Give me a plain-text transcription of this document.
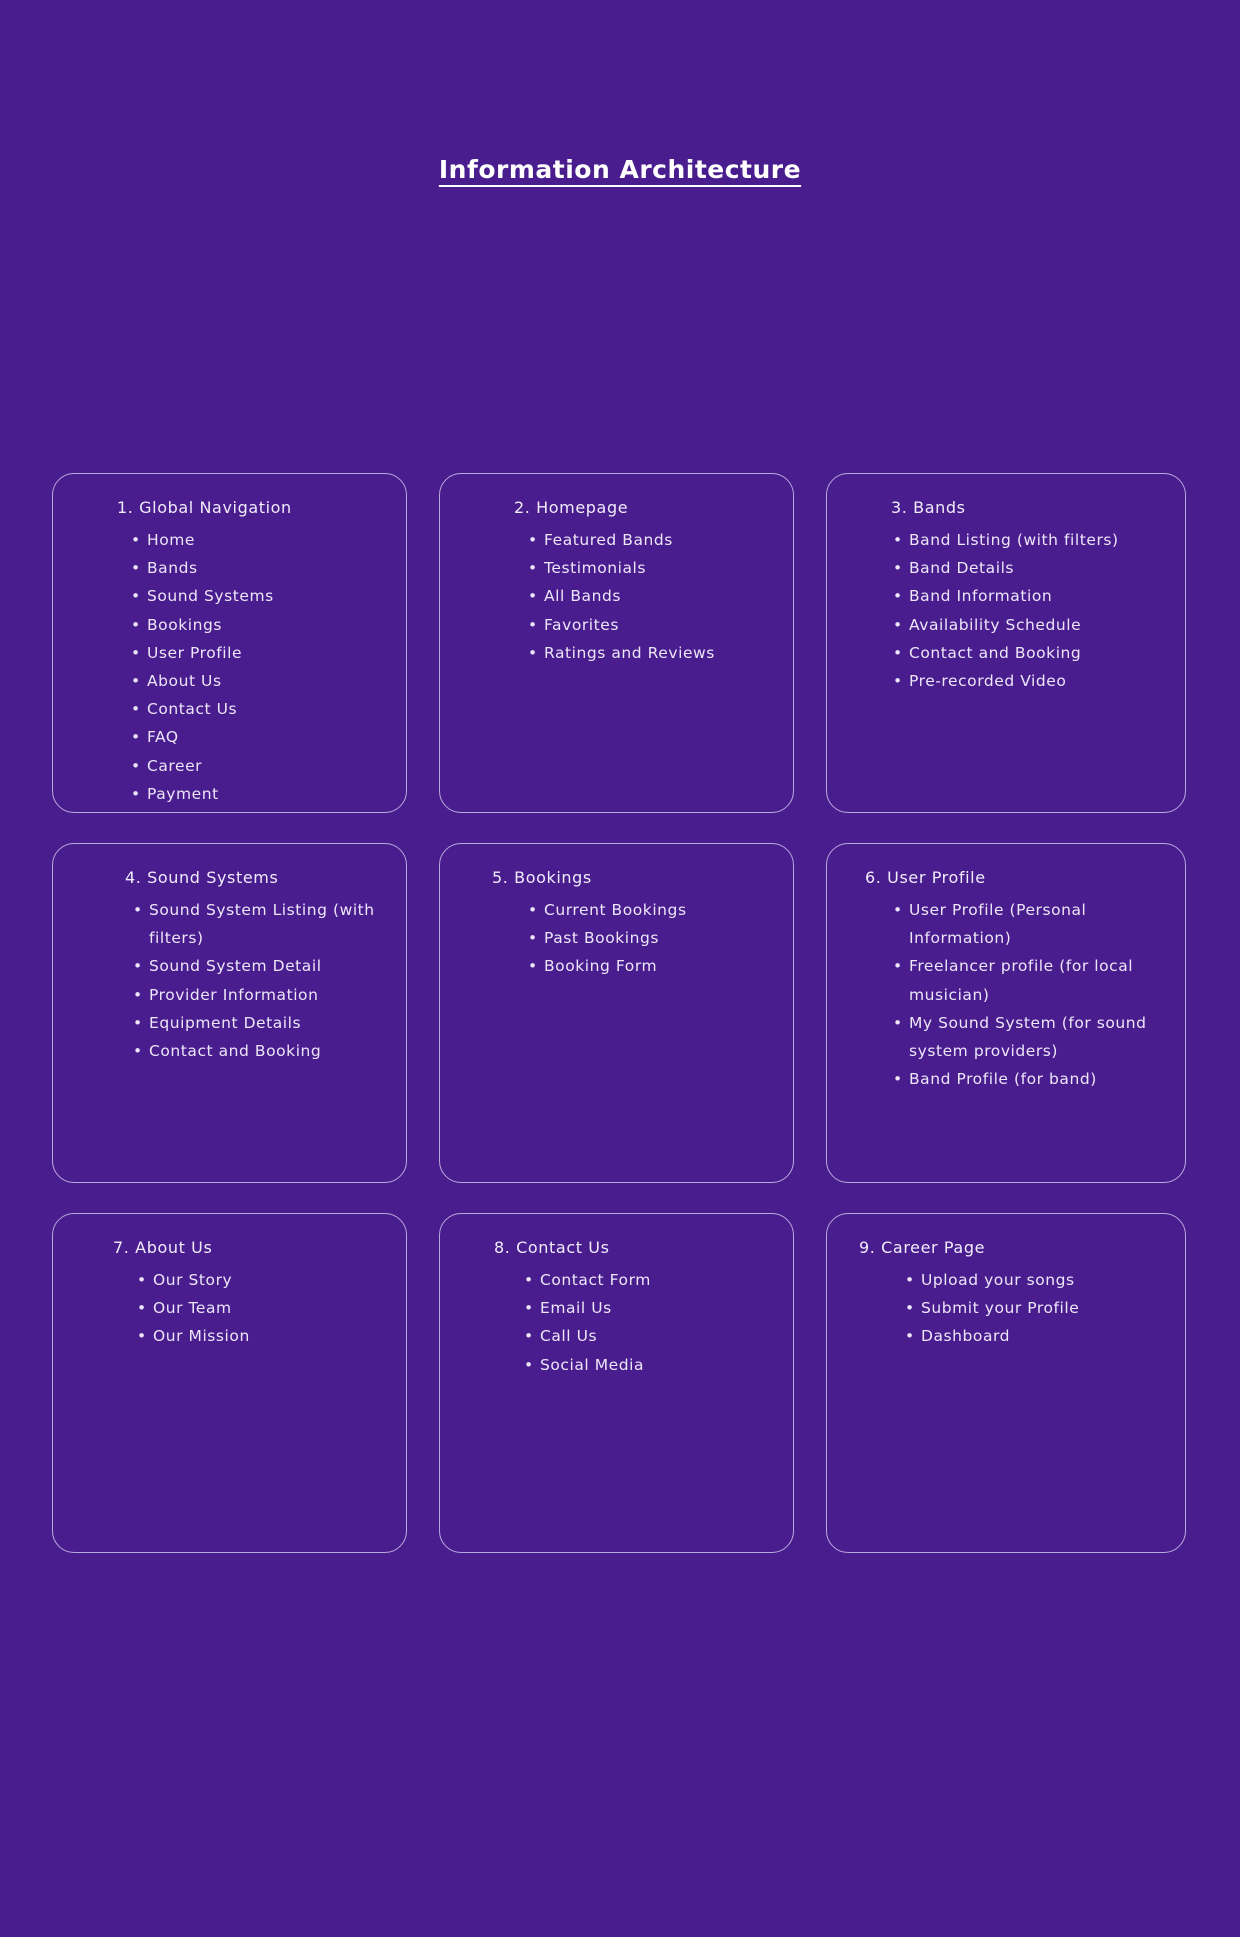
Information Architecture
1. Global Navigation
• Home
• Bands
• Sound Systems
• Bookings
• User Profile
• About Us
• Contact Us
• FAQ
• Career
• Payment
2. Homepage
• Featured Bands
• Testimonials
• All Bands
• Favorites
• Ratings and Reviews
3. Bands
• Band Listing (with filters)
• Band Details
• Band Information
• Availability Schedule
• Contact and Booking
• Pre-recorded Video
4. Sound Systems
• Sound System Listing (with filters)
• Sound System Detail
• Provider Information
• Equipment Details
• Contact and Booking
5. Bookings
• Current Bookings
• Past Bookings
• Booking Form
6. User Profile
• User Profile (Personal Information)
• Freelancer profile (for local musician)
• My Sound System (for sound system providers)
• Band Profile (for band)
7. About Us
• Our Story
• Our Team
• Our Mission
8. Contact Us
• Contact Form
• Email Us
• Call Us
• Social Media
9. Career Page
• Upload your songs
• Submit your Profile
• Dashboard
